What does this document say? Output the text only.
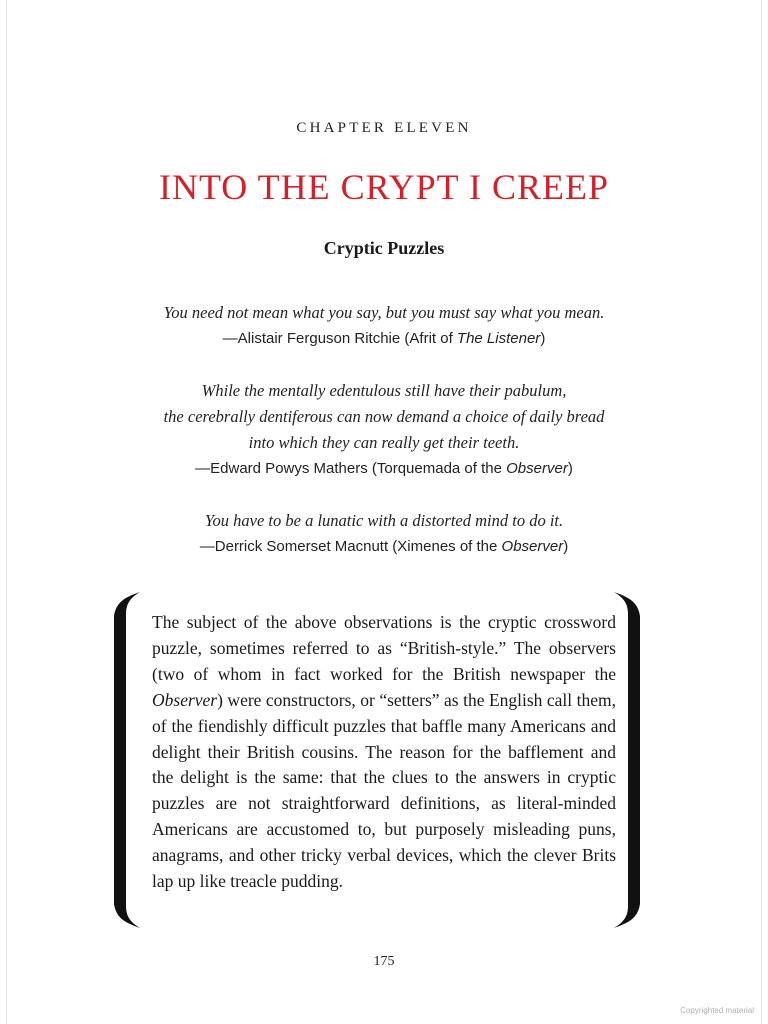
CHAPTER ELEVEN
INTO THE CRYPT I CREEP
Cryptic Puzzles
You need not mean what you say, but you must say what you mean.
—Alistair Ferguson Ritchie (Afrit of The Listener)
While the mentally edentulous still have their pabulum,
the cerebrally dentiferous can now demand a choice of daily bread
into which they can really get their teeth.
—Edward Powys Mathers (Torquemada of the Observer)
You have to be a lunatic with a distorted mind to do it.
—Derrick Somerset Macnutt (Ximenes of the Observer)
The subject of the above observations is the cryptic crossword puzzle, sometimes referred to as “British-style.” The observers (two of whom in fact worked for the British newspaper the Observer) were constructors, or “setters” as the English call them, of the fiendishly difficult puzzles that baffle many Americans and delight their British cousins. The reason for the bafflement and the delight is the same: that the clues to the answers in cryptic puzzles are not straightforward definitions, as literal-minded Americans are accustomed to, but purposely misleading puns, anagrams, and other tricky verbal devices, which the clever Brits lap up like treacle pudding.
175
Copyrighted material
